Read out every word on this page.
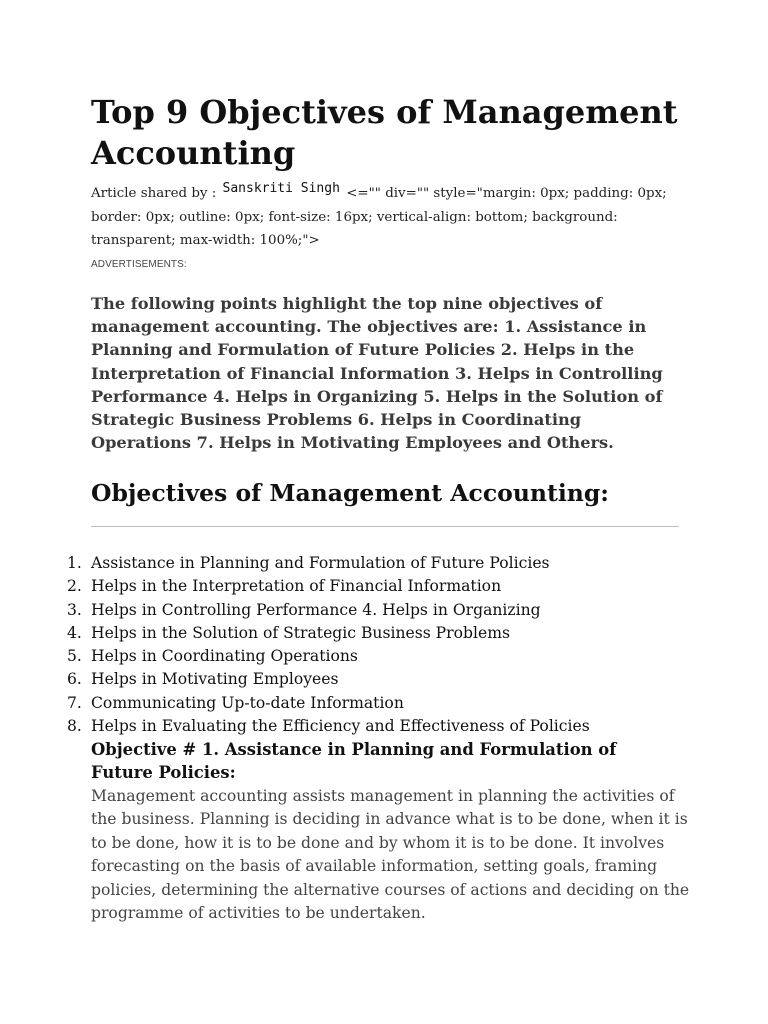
Top 9 Objectives of Management Accounting
Article shared by : Sanskriti Singh <="" div="" style="margin: 0px; padding: 0px; border: 0px; outline: 0px; font-size: 16px; vertical-align: bottom; background: transparent; max-width: 100%;">
ADVERTISEMENTS:

The following points highlight the top nine objectives of management accounting. The objectives are: 1. Assistance in Planning and Formulation of Future Policies 2. Helps in the Interpretation of Financial Information 3. Helps in Controlling Performance 4. Helps in Organizing 5. Helps in the Solution of Strategic Business Problems 6. Helps in Coordinating Operations 7. Helps in Motivating Employees and Others.

Objectives of Management Accounting:
1. Assistance in Planning and Formulation of Future Policies
2. Helps in the Interpretation of Financial Information
3. Helps in Controlling Performance 4. Helps in Organizing
4. Helps in the Solution of Strategic Business Problems
5. Helps in Coordinating Operations
6. Helps in Motivating Employees
7. Communicating Up-to-date Information
8. Helps in Evaluating the Efficiency and Effectiveness of Policies
Objective # 1. Assistance in Planning and Formulation of Future Policies:

Management accounting assists management in planning the activities of the business. Planning is deciding in advance what is to be done, when it is to be done, how it is to be done and by whom it is to be done. It involves forecasting on the basis of available information, setting goals, framing policies, determining the alternative courses of actions and deciding on the programme of activities to be undertaken.
